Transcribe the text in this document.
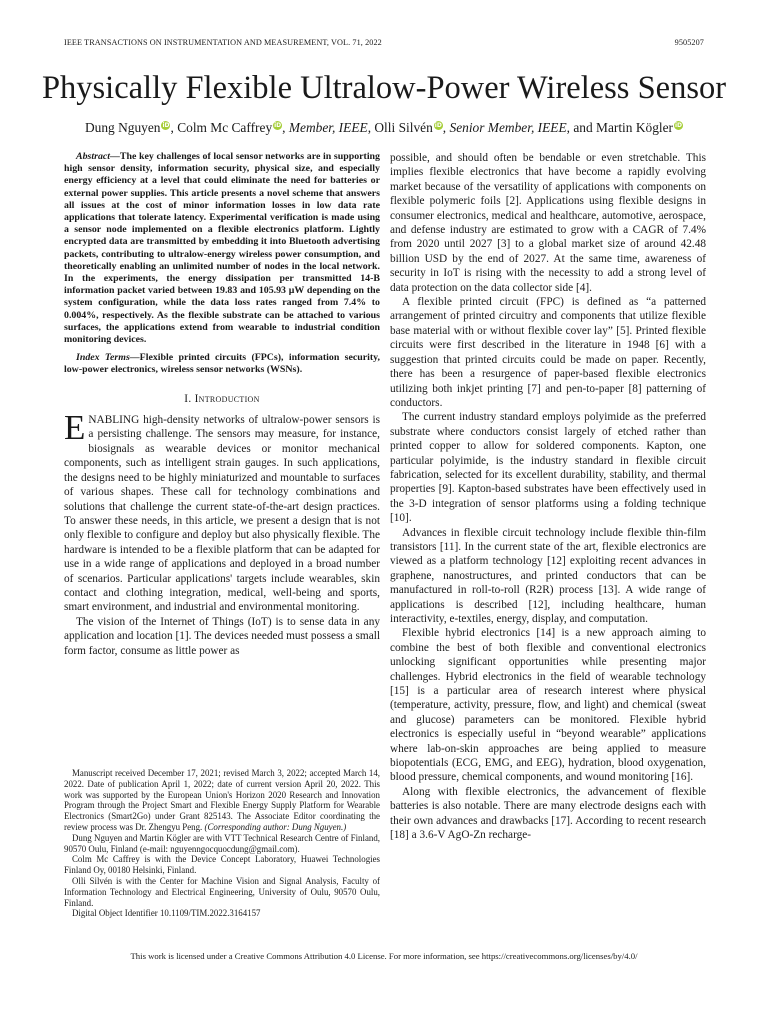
IEEE TRANSACTIONS ON INSTRUMENTATION AND MEASUREMENT, VOL. 71, 2022	9505207
Physically Flexible Ultralow-Power Wireless Sensor
Dung Nguyen iD, Colm Mc Caffrey iD, Member, IEEE, Olli Silvén iD, Senior Member, IEEE, and Martin Kögler iD

Abstract—The key challenges of local sensor networks are in supporting high sensor density, information security, physical size, and especially energy efficiency at a level that could eliminate the need for batteries or external power supplies. This article presents a novel scheme that answers all issues at the cost of minor information losses in low data rate applications that tolerate latency. Experimental verification is made using a sensor node implemented on a flexible electronics platform. Lightly encrypted data are transmitted by embedding it into Bluetooth advertising packets, contributing to ultralow-energy wireless power consumption, and theoretically enabling an unlimited number of nodes in the local network. In the experiments, the energy dissipation per transmitted 14-B information packet varied between 19.83 and 105.93 μW depending on the system configuration, while the data loss rates ranged from 7.4% to 0.004%, respectively. As the flexible substrate can be attached to various surfaces, the applications extend from wearable to industrial condition monitoring devices.

Index Terms—Flexible printed circuits (FPCs), information security, low-power electronics, wireless sensor networks (WSNs).

I. Introduction

ENABLING high-density networks of ultralow-power sensors is a persisting challenge. The sensors may measure, for instance, biosignals as wearable devices or monitor mechanical components, such as intelligent strain gauges. In such applications, the designs need to be highly miniaturized and mountable to surfaces of various shapes. These call for technology combinations and solutions that challenge the current state-of-the-art design practices. To answer these needs, in this article, we present a design that is not only flexible to configure and deploy but also physically flexible. The hardware is intended to be a flexible platform that can be adapted for use in a wide range of applications and deployed in a broad number of scenarios. Particular applications' targets include wearables, skin contact and clothing integration, medical, well-being and sports, smart environment, and industrial and environmental monitoring.

The vision of the Internet of Things (IoT) is to sense data in any application and location [1]. The devices needed must possess a small form factor, consume as little power as

Manuscript received December 17, 2021; revised March 3, 2022; accepted March 14, 2022. Date of publication April 1, 2022; date of current version April 20, 2022. This work was supported by the European Union's Horizon 2020 Research and Innovation Program through the Project Smart and Flexible Energy Supply Platform for Wearable Electronics (Smart2Go) under Grant 825143. The Associate Editor coordinating the review process was Dr. Zhengyu Peng. (Corresponding author: Dung Nguyen.)

Dung Nguyen and Martin Kögler are with VTT Technical Research Centre of Finland, 90570 Oulu, Finland (e-mail: nguyenngocquocdung@gmail.com).

Colm Mc Caffrey is with the Device Concept Laboratory, Huawei Technologies Finland Oy, 00180 Helsinki, Finland.

Olli Silvén is with the Center for Machine Vision and Signal Analysis, Faculty of Information Technology and Electrical Engineering, University of Oulu, 90570 Oulu, Finland.

Digital Object Identifier 10.1109/TIM.2022.3164157

possible, and should often be bendable or even stretchable. This implies flexible electronics that have become a rapidly evolving market because of the versatility of applications with components on flexible polymeric foils [2]. Applications using flexible designs in consumer electronics, medical and healthcare, automotive, aerospace, and defense industry are estimated to grow with a CAGR of 7.4% from 2020 until 2027 [3] to a global market size of around 42.48 billion USD by the end of 2027. At the same time, awareness of security in IoT is rising with the necessity to add a strong level of data protection on the data collector side [4].

A flexible printed circuit (FPC) is defined as “a patterned arrangement of printed circuitry and components that utilize flexible base material with or without flexible cover lay” [5]. Printed flexible circuits were first described in the literature in 1948 [6] with a suggestion that printed circuits could be made on paper. Recently, there has been a resurgence of paper-based flexible electronics utilizing both inkjet printing [7] and pen-to-paper [8] patterning of conductors.

The current industry standard employs polyimide as the preferred substrate where conductors consist largely of etched rather than printed copper to allow for soldered components. Kapton, one particular polyimide, is the industry standard in flexible circuit fabrication, selected for its excellent durability, stability, and thermal properties [9]. Kapton-based substrates have been effectively used in the 3-D integration of sensor platforms using a folding technique [10].

Advances in flexible circuit technology include flexible thin-film transistors [11]. In the current state of the art, flexible electronics are viewed as a platform technology [12] exploiting recent advances in graphene, nanostructures, and printed conductors that can be manufactured in roll-to-roll (R2R) process [13]. A wide range of applications is described [12], including healthcare, human interactivity, e-textiles, energy, display, and computation.

Flexible hybrid electronics [14] is a new approach aiming to combine the best of both flexible and conventional electronics unlocking significant opportunities while presenting major challenges. Hybrid electronics in the field of wearable technology [15] is a particular area of research interest where physical (temperature, activity, pressure, flow, and light) and chemical (sweat and glucose) parameters can be monitored. Flexible hybrid electronics is especially useful in “beyond wearable” applications where lab-on-skin approaches are being applied to measure biopotentials (ECG, EMG, and EEG), hydration, blood oxygenation, blood pressure, chemical components, and wound monitoring [16].

Along with flexible electronics, the advancement of flexible batteries is also notable. There are many electrode designs each with their own advances and drawbacks [17]. According to recent research [18] a 3.6-V AgO-Zn recharge-

This work is licensed under a Creative Commons Attribution 4.0 License. For more information, see https://creativecommons.org/licenses/by/4.0/
